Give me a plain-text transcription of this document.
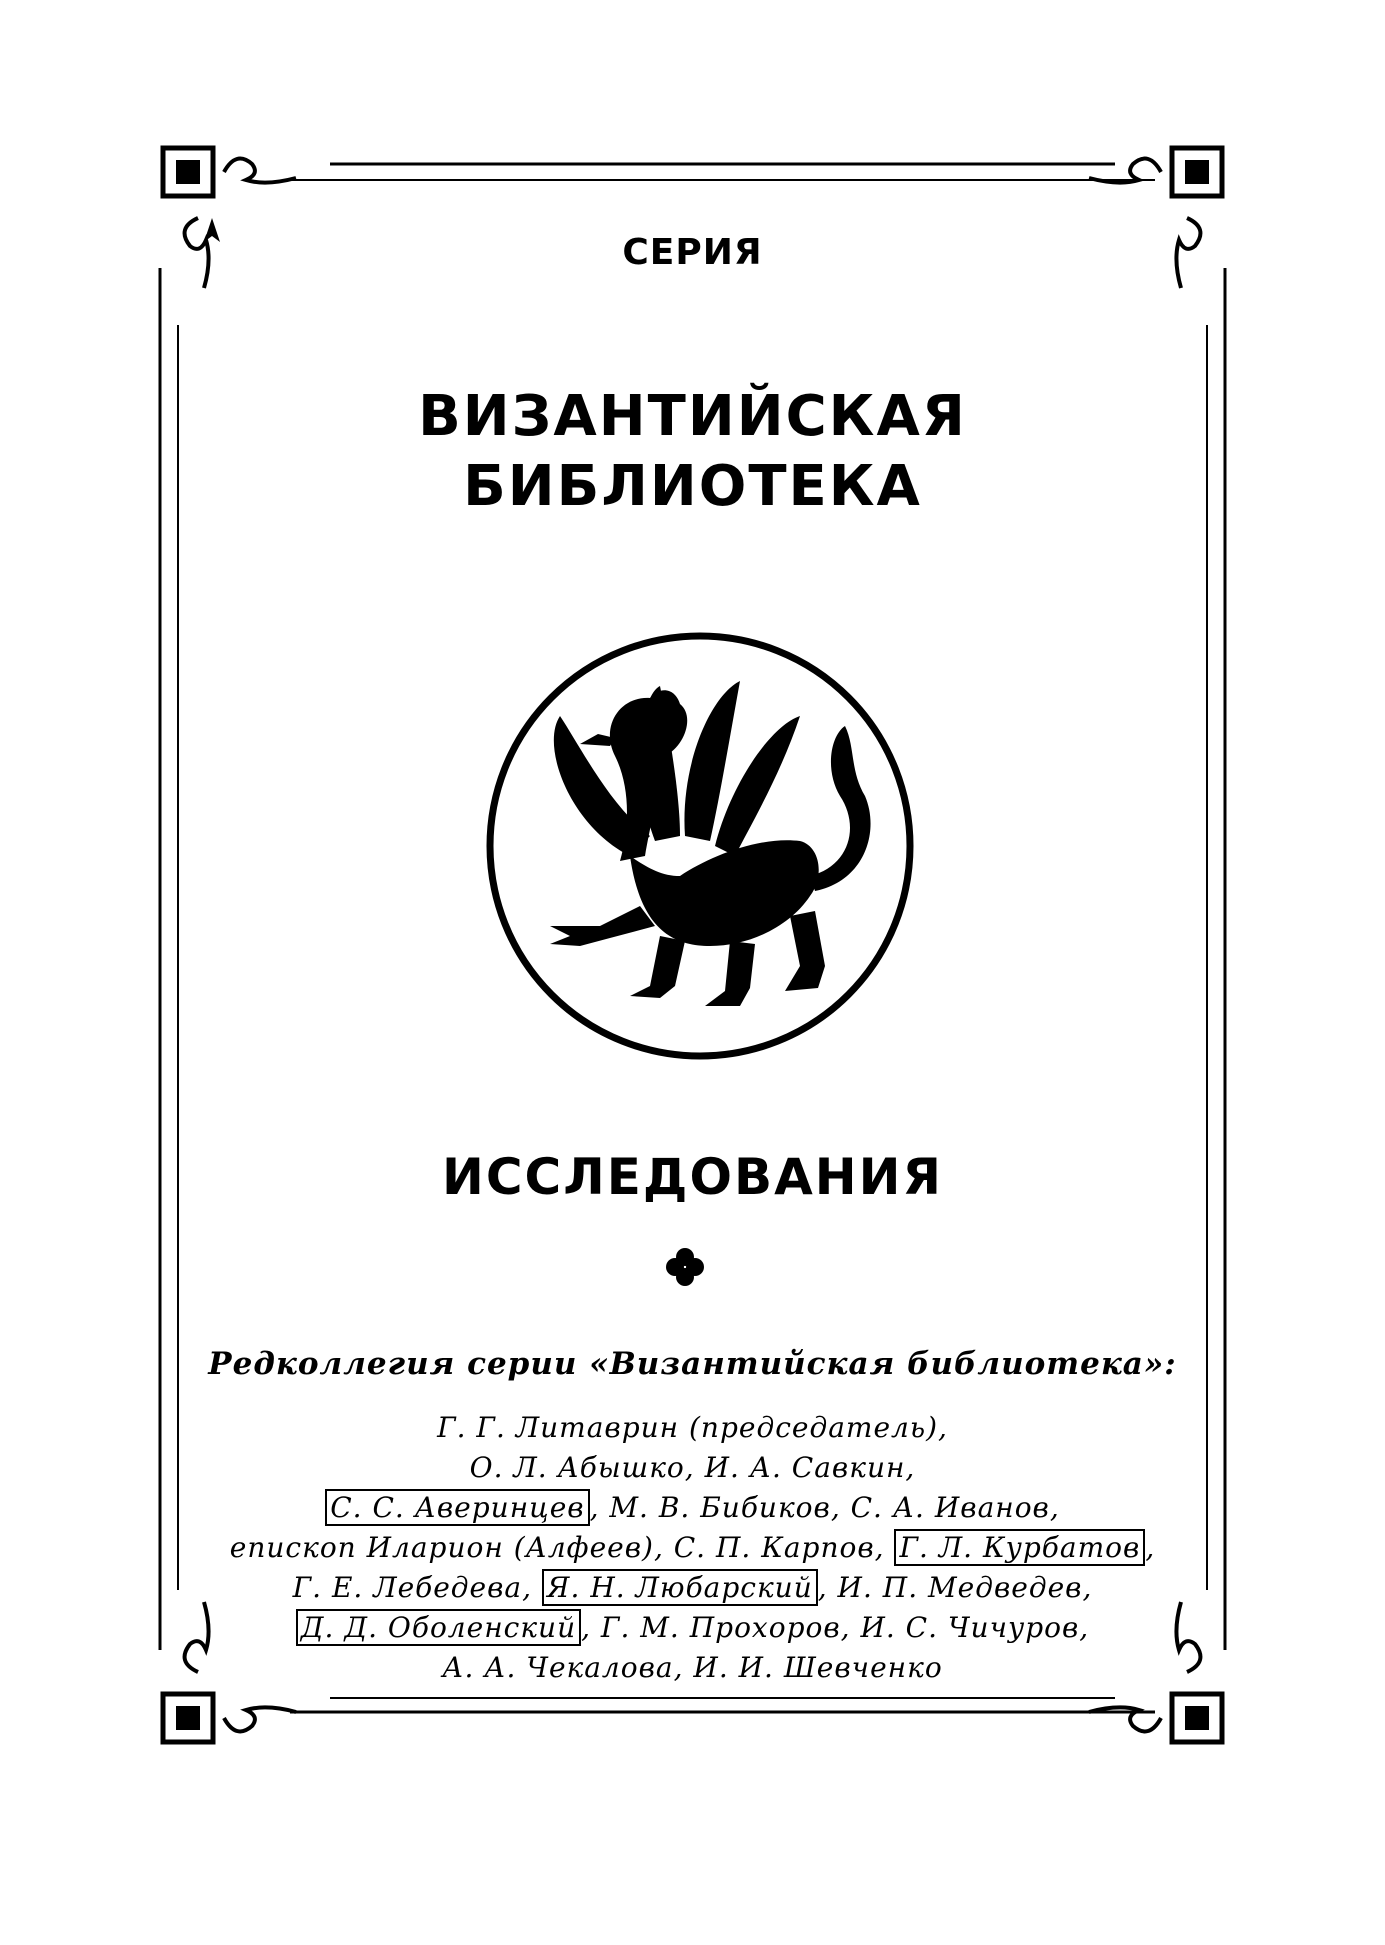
СЕРИЯ
ВИЗАНТИЙСКАЯ
БИБЛИОТЕКА
ИССЛЕДОВАНИЯ
Редколлегия серии «Византийская библиотека»:
Г. Г. Литаврин (председатель),
О. Л. Абышко, И. А. Савкин,
С. С. Аверинцев , М. В. Бибиков, С. А. Иванов,
епископ Иларион (Алфеев), С. П. Карпов, Г. Л. Курбатов ,
Г. Е. Лебедева, Я. Н. Любарский , И. П. Медведев,
Д. Д. Оболенский , Г. М. Прохоров, И. С. Чичуров,
А. А. Чекалова, И. И. Шевченко
